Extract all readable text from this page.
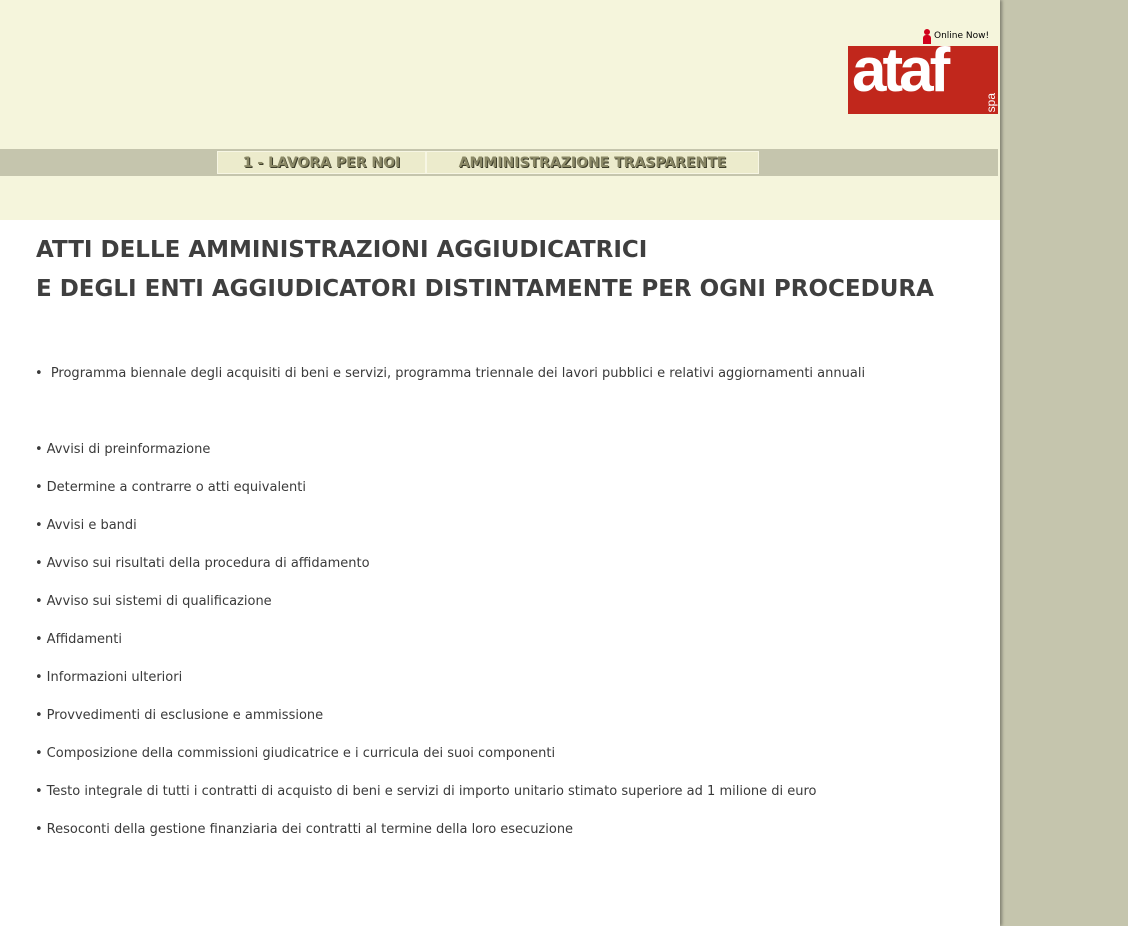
Online Now!
ataf	spa
1 - LAVORA PER NOI	AMMINISTRAZIONE TRASPARENTE
ATTI DELLE AMMINISTRAZIONI AGGIUDICATRICI
E DEGLI ENTI AGGIUDICATORI DISTINTAMENTE PER OGNI PROCEDURA
• Programma biennale degli acquisiti di beni e servizi, programma triennale dei lavori pubblici e relativi aggiornamenti annuali
• Avvisi di preinformazione
• Determine a contrarre o atti equivalenti
• Avvisi e bandi
• Avviso sui risultati della procedura di affidamento
• Avviso sui sistemi di qualificazione
• Affidamenti
• Informazioni ulteriori
• Provvedimenti di esclusione e ammissione
• Composizione della commissioni giudicatrice e i curricula dei suoi componenti
• Testo integrale di tutti i contratti di acquisto di beni e servizi di importo unitario stimato superiore ad 1 milione di euro
• Resoconti della gestione finanziaria dei contratti al termine della loro esecuzione
